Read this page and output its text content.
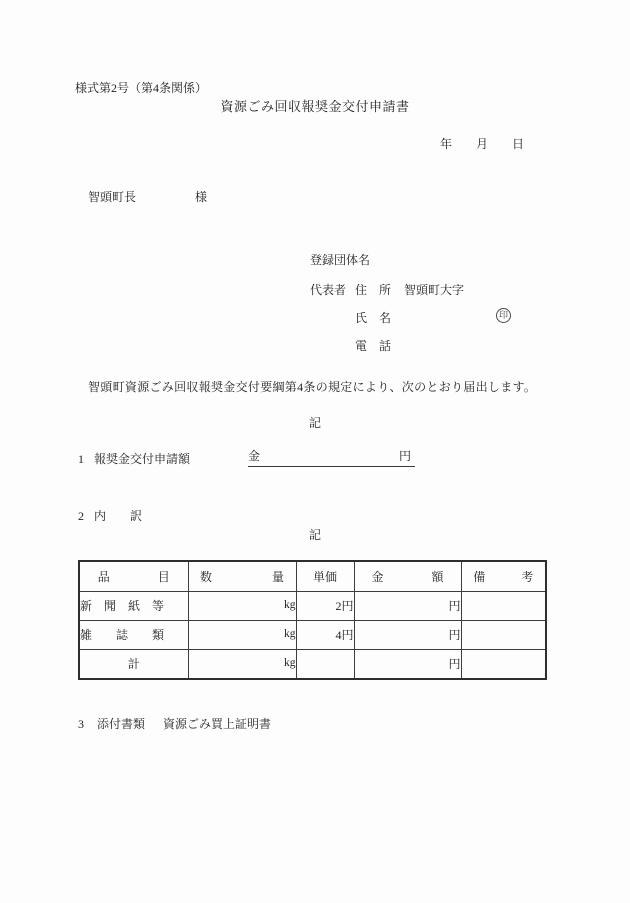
様式第2号（第4条関係）
資源ごみ回収報奨金交付申請書
年　　月　　日
智頭町長	様
登録団体名
代表者 住　所 智頭町大字
氏　名	印
電　話
智頭町資源ごみ回収報奨金交付要綱第4条の規定により、次のとおり届出します。
記
1 報奨金交付申請額	金	円
2 内　　訳
記
品　　　　目	数　　　　　量	単価	金　　　　額	備　　　考
新　聞　紙　等	kg	2円	円	
雑　　誌　　類	kg	4円	円	
計	kg		円	
3 添付書類 資源ごみ買上証明書
